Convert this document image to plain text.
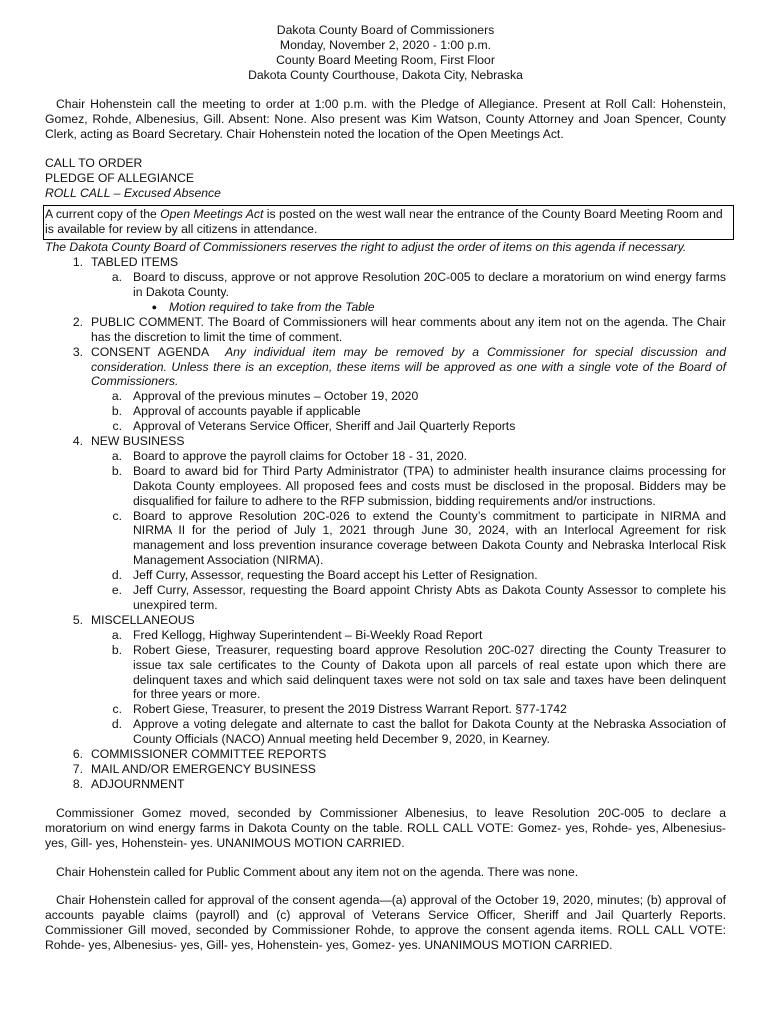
Dakota County Board of Commissioners

Monday, November 2, 2020 - 1:00 p.m.

County Board Meeting Room, First Floor

Dakota County Courthouse, Dakota City, Nebraska

Chair Hohenstein call the meeting to order at 1:00 p.m. with the Pledge of Allegiance. Present at Roll Call: Hohenstein, Gomez, Rohde, Albenesius, Gill. Absent: None. Also present was Kim Watson, County Attorney and Joan Spencer, County Clerk, acting as Board Secretary. Chair Hohenstein noted the location of the Open Meetings Act.

CALL TO ORDER

PLEDGE OF ALLEGIANCE

ROLL CALL – Excused Absence

A current copy of the Open Meetings Act is posted on the west wall near the entrance of the County Board Meeting Room and is available for review by all citizens in attendance.

The Dakota County Board of Commissioners reserves the right to adjust the order of items on this agenda if necessary.

1. TABLED ITEMS
a. Board to discuss, approve or not approve Resolution 20C-005 to declare a moratorium on wind energy farms in Dakota County.
● Motion required to take from the Table
2. PUBLIC COMMENT. The Board of Commissioners will hear comments about any item not on the agenda. The Chair has the discretion to limit the time of comment.
3. CONSENT AGENDA Any individual item may be removed by a Commissioner for special discussion and consideration. Unless there is an exception, these items will be approved as one with a single vote of the Board of Commissioners.
a. Approval of the previous minutes – October 19, 2020
b. Approval of accounts payable if applicable
c. Approval of Veterans Service Officer, Sheriff and Jail Quarterly Reports
4. NEW BUSINESS
a. Board to approve the payroll claims for October 18 - 31, 2020.
b. Board to award bid for Third Party Administrator (TPA) to administer health insurance claims processing for Dakota County employees. All proposed fees and costs must be disclosed in the proposal. Bidders may be disqualified for failure to adhere to the RFP submission, bidding requirements and/or instructions.
c. Board to approve Resolution 20C-026 to extend the County’s commitment to participate in NIRMA and NIRMA II for the period of July 1, 2021 through June 30, 2024, with an Interlocal Agreement for risk management and loss prevention insurance coverage between Dakota County and Nebraska Interlocal Risk Management Association (NIRMA).
d. Jeff Curry, Assessor, requesting the Board accept his Letter of Resignation.
e. Jeff Curry, Assessor, requesting the Board appoint Christy Abts as Dakota County Assessor to complete his unexpired term.
5. MISCELLANEOUS
a. Fred Kellogg, Highway Superintendent – Bi-Weekly Road Report
b. Robert Giese, Treasurer, requesting board approve Resolution 20C-027 directing the County Treasurer to issue tax sale certificates to the County of Dakota upon all parcels of real estate upon which there are delinquent taxes and which said delinquent taxes were not sold on tax sale and taxes have been delinquent for three years or more.
c. Robert Giese, Treasurer, to present the 2019 Distress Warrant Report. §77-1742
d. Approve a voting delegate and alternate to cast the ballot for Dakota County at the Nebraska Association of County Officials (NACO) Annual meeting held December 9, 2020, in Kearney.
6. COMMISSIONER COMMITTEE REPORTS
7. MAIL AND/OR EMERGENCY BUSINESS
8. ADJOURNMENT

Commissioner Gomez moved, seconded by Commissioner Albenesius, to leave Resolution 20C-005 to declare a moratorium on wind energy farms in Dakota County on the table. ROLL CALL VOTE: Gomez- yes, Rohde- yes, Albenesius- yes, Gill- yes, Hohenstein- yes. UNANIMOUS MOTION CARRIED.

Chair Hohenstein called for Public Comment about any item not on the agenda. There was none.

Chair Hohenstein called for approval of the consent agenda—(a) approval of the October 19, 2020, minutes; (b) approval of accounts payable claims (payroll) and (c) approval of Veterans Service Officer, Sheriff and Jail Quarterly Reports. Commissioner Gill moved, seconded by Commissioner Rohde, to approve the consent agenda items. ROLL CALL VOTE: Rohde- yes, Albenesius- yes, Gill- yes, Hohenstein- yes, Gomez- yes. UNANIMOUS MOTION CARRIED.
